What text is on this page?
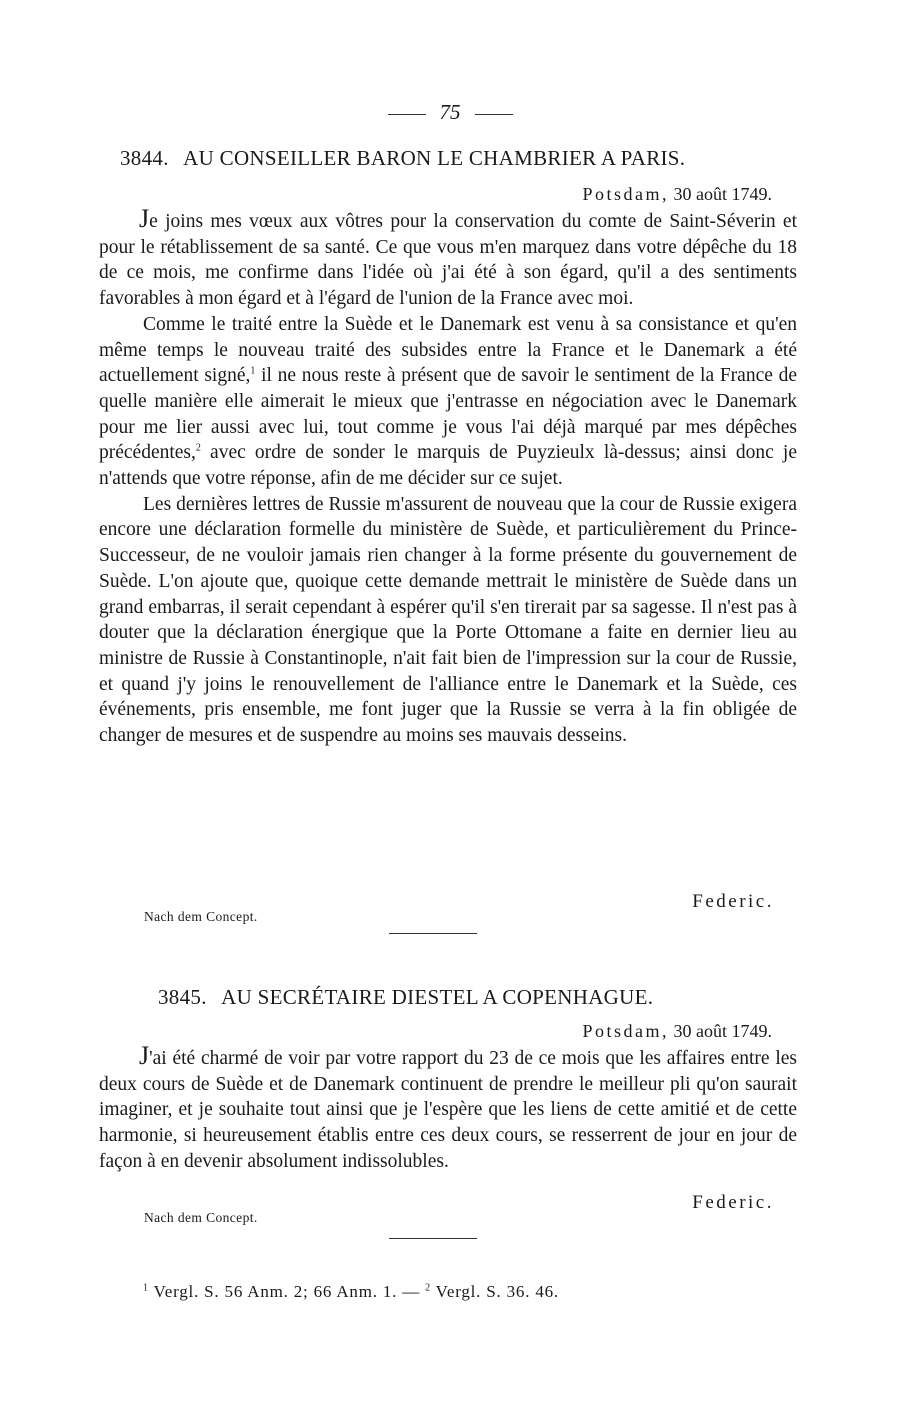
75
3844. AU CONSEILLER BARON LE CHAMBRIER A PARIS.
Potsdam, 30 août 1749.

Je joins mes vœux aux vôtres pour la conservation du comte de Saint-Séverin et pour le rétablissement de sa santé. Ce que vous m'en marquez dans votre dépêche du 18 de ce mois, me confirme dans l'idée où j'ai été à son égard, qu'il a des sentiments favorables à mon égard et à l'égard de l'union de la France avec moi.

Comme le traité entre la Suède et le Danemark est venu à sa consistance et qu'en même temps le nouveau traité des subsides entre la France et le Danemark a été actuellement signé,$^1$ il ne nous reste à présent que de savoir le sentiment de la France de quelle manière elle aimerait le mieux que j'entrasse en négociation avec le Danemark pour me lier aussi avec lui, tout comme je vous l'ai déjà marqué par mes dépêches précédentes,$^2$ avec ordre de sonder le marquis de Puyzieulx là-dessus; ainsi donc je n'attends que votre réponse, afin de me décider sur ce sujet.

Les dernières lettres de Russie m'assurent de nouveau que la cour de Russie exigera encore une déclaration formelle du ministère de Suède, et particulièrement du Prince-Successeur, de ne vouloir jamais rien changer à la forme présente du gouvernement de Suède. L'on ajoute que, quoique cette demande mettrait le ministère de Suède dans un grand embarras, il serait cependant à espérer qu'il s'en tirerait par sa sagesse. Il n'est pas à douter que la déclaration énergique que la Porte Ottomane a faite en dernier lieu au ministre de Russie à Constantinople, n'ait fait bien de l'impression sur la cour de Russie, et quand j'y joins le renouvellement de l'alliance entre le Danemark et la Suède, ces événements, pris ensemble, me font juger que la Russie se verra à la fin obligée de changer de mesures et de suspendre au moins ses mauvais desseins.

Federic.
Nach dem Concept.
3845. AU SECRÉTAIRE DIESTEL A COPENHAGUE.
Potsdam, 30 août 1749.

J'ai été charmé de voir par votre rapport du 23 de ce mois que les affaires entre les deux cours de Suède et de Danemark continuent de prendre le meilleur pli qu'on saurait imaginer, et je souhaite tout ainsi que je l'espère que les liens de cette amitié et de cette harmonie, si heureusement établis entre ces deux cours, se resserrent de jour en jour de façon à en devenir absolument indissolubles.

Federic.
Nach dem Concept.
$^1$ Vergl. S. 56 Anm. 2; 66 Anm. 1. — $^2$ Vergl. S. 36. 46.
